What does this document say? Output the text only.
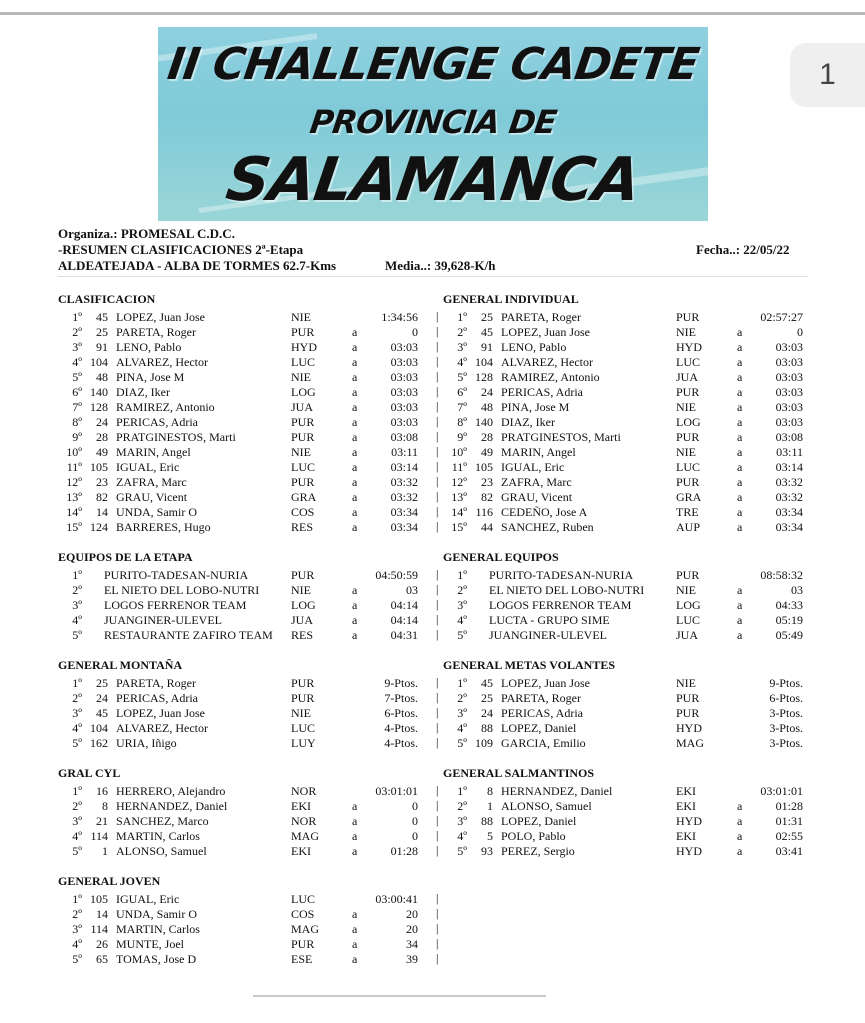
1
II CHALLENGE CADETE
PROVINCIA DE
SALAMANCA
Organiza.: PROMESAL C.D.C.
-RESUMEN CLASIFICACIONES 2ª-Etapa
ALDEATEJADA - ALBA DE TORMES 62.7-Kms	Media..: 39,628-K/h
Fecha..: 22/05/22
CLASIFICACION
1º	45 LOPEZ, Juan Jose	NIE	1:34:56 |
2º	25 PARETA, Roger	PUR	a	0 |
3º	91 LENO, Pablo	HYD	a	03:03 |
4º 104 ALVAREZ, Hector	LUC	a	03:03 |
5º	48 PINA, Jose M	NIE	a	03:03 |
6º 140 DIAZ, Iker	LOG	a	03:03 |
7º 128 RAMIREZ, Antonio	JUA	a	03:03 |
8º	24 PERICAS, Adria	PUR	a	03:03 |
9º	28 PRATGINESTOS, Marti	PUR	a	03:08 |
10º	49 MARIN, Angel	NIE	a	03:11 |
11º 105 IGUAL, Eric	LUC	a	03:14 |
12º	23 ZAFRA, Marc	PUR	a	03:32 |
13º	82 GRAU, Vicent	GRA	a	03:32 |
14º	14 UNDA, Samir O	COS	a	03:34 |
15º 124 BARRERES, Hugo	RES	a	03:34 |
EQUIPOS DE LA ETAPA
1º PURITO-TADESAN-NURIA	PUR	04:50:59 |
2º EL NIETO DEL LOBO-NUTRI	NIE	a	03 |
3º LOGOS FERRENOR TEAM	LOG	a	04:14 |
4º JUANGINER-ULEVEL	JUA	a	04:14 |
5º RESTAURANTE ZAFIRO TEAM RES	a	04:31 |
GENERAL MONTAÑA
1º	25 PARETA, Roger	PUR	9-Ptos. |
2º	24 PERICAS, Adria	PUR	7-Ptos. |
3º	45 LOPEZ, Juan Jose	NIE	6-Ptos. |
4º 104 ALVAREZ, Hector	LUC	4-Ptos. |
5º 162 URIA, Iñigo	LUY	4-Ptos. |
GRAL CYL
1º	16 HERRERO, Alejandro	NOR	03:01:01 |
2º	8 HERNANDEZ, Daniel	EKI	a	0 |
3º	21 SANCHEZ, Marco	NOR	a	0 |
4º 114 MARTIN, Carlos	MAG	a	0 |
5º	1 ALONSO, Samuel	EKI	a	01:28 |
GENERAL JOVEN
1º 105 IGUAL, Eric	LUC	03:00:41 |
2º	14 UNDA, Samir O	COS	a	20 |
3º 114 MARTIN, Carlos	MAG	a	20 |
4º	26 MUNTE, Joel	PUR	a	34 |
5º	65 TOMAS, Jose D	ESE	a	39 |
GENERAL INDIVIDUAL
1º	25 PARETA, Roger	PUR	02:57:27
2º	45 LOPEZ, Juan Jose	NIE	a	0
3º	91 LENO, Pablo	HYD	a	03:03
4º 104 ALVAREZ, Hector	LUC	a	03:03
5º 128 RAMIREZ, Antonio	JUA	a	03:03
6º	24 PERICAS, Adria	PUR	a	03:03
7º	48 PINA, Jose M	NIE	a	03:03
8º 140 DIAZ, Iker	LOG	a	03:03
9º	28 PRATGINESTOS, Marti	PUR	a	03:08
10º	49 MARIN, Angel	NIE	a	03:11
11º 105 IGUAL, Eric	LUC	a	03:14
12º	23 ZAFRA, Marc	PUR	a	03:32
13º	82 GRAU, Vicent	GRA	a	03:32
14º 116 CEDEÑO, Jose A	TRE	a	03:34
15º	44 SANCHEZ, Ruben	AUP	a	03:34
GENERAL EQUIPOS
1º PURITO-TADESAN-NURIA	PUR	08:58:32
2º EL NIETO DEL LOBO-NUTRI	NIE	a	03
3º LOGOS FERRENOR TEAM	LOG	a	04:33
4º LUCTA - GRUPO SIME	LUC	a	05:19
5º JUANGINER-ULEVEL	JUA	a	05:49
GENERAL METAS VOLANTES
1º	45 LOPEZ, Juan Jose	NIE	9-Ptos.
2º	25 PARETA, Roger	PUR	6-Ptos.
3º	24 PERICAS, Adria	PUR	3-Ptos.
4º	88 LOPEZ, Daniel	HYD	3-Ptos.
5º 109 GARCIA, Emilio	MAG	3-Ptos.
GENERAL SALMANTINOS
1º	8 HERNANDEZ, Daniel	EKI	03:01:01
2º	1 ALONSO, Samuel	EKI	a	01:28
3º	88 LOPEZ, Daniel	HYD	a	01:31
4º	5 POLO, Pablo	EKI	a	02:55
5º	93 PEREZ, Sergio	HYD	a	03:41
